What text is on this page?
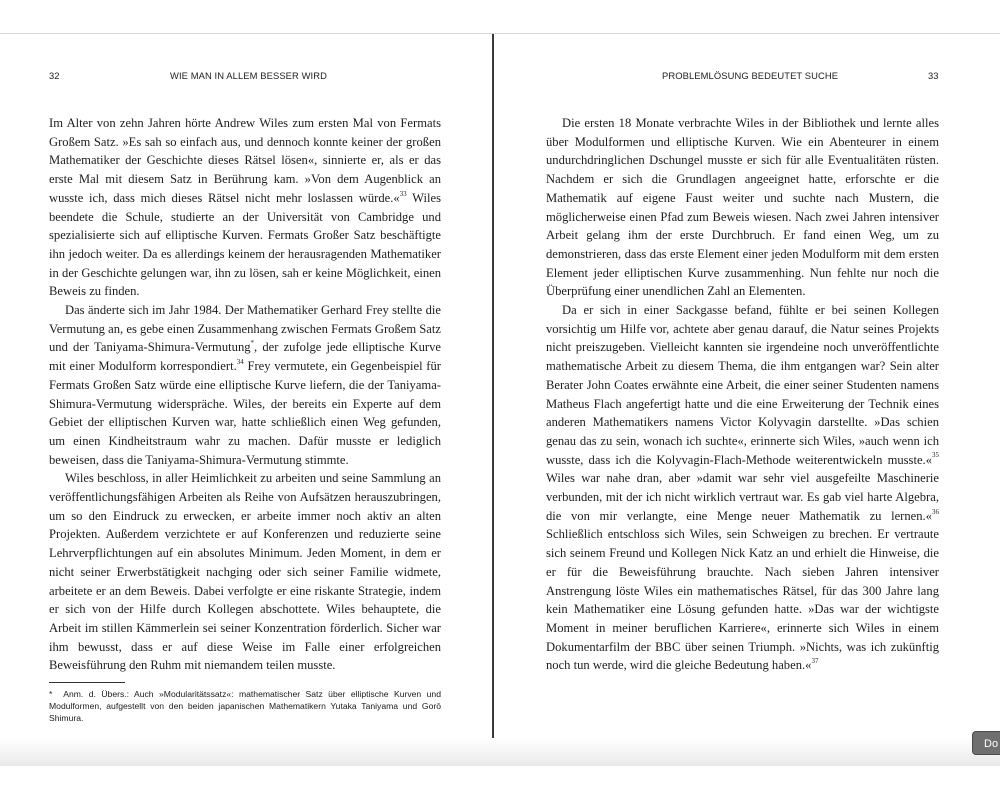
32	WIE MAN IN ALLEM BESSER WIRD

Im Alter von zehn Jahren hörte Andrew Wiles zum ersten Mal von Fermats Großem Satz. »Es sah so einfach aus, und dennoch konnte keiner der großen Mathematiker der Geschichte dieses Rätsel lösen«, sinnierte er, als er das erste Mal mit diesem Satz in Berührung kam. »Von dem Augenblick an wusste ich, dass mich dieses Rätsel nicht mehr loslassen würde.«$^{33}$ Wiles beendete die Schule, studierte an der Universität von Cambridge und spezialisierte sich auf elliptische Kurven. Fermats Großer Satz beschäftigte ihn jedoch weiter. Da es allerdings keinem der herausragenden Mathematiker in der Geschichte gelungen war, ihn zu lösen, sah er keine Möglichkeit, einen Beweis zu finden.

Das änderte sich im Jahr 1984. Der Mathematiker Gerhard Frey stellte die Vermutung an, es gebe einen Zusammenhang zwischen Fermats Großem Satz und der Taniyama-Shimura-Vermutung*, der zufolge jede elliptische Kurve mit einer Modulform korrespondiert.$^{34}$ Frey vermutete, ein Gegenbeispiel für Fermats Großen Satz würde eine elliptische Kurve liefern, die der Taniyama-Shimura-Vermutung widerspräche. Wiles, der bereits ein Experte auf dem Gebiet der elliptischen Kurven war, hatte schließlich einen Weg gefunden, um einen Kindheitstraum wahr zu machen. Dafür musste er lediglich beweisen, dass die Taniyama-Shimura-Vermutung stimmte.

Wiles beschloss, in aller Heimlichkeit zu arbeiten und seine Sammlung an veröffentlichungsfähigen Arbeiten als Reihe von Aufsätzen herauszubringen, um so den Eindruck zu erwecken, er arbeite immer noch aktiv an alten Projekten. Außerdem verzichtete er auf Konferenzen und reduzierte seine Lehrverpflichtungen auf ein absolutes Minimum. Jeden Moment, in dem er nicht seiner Erwerbstätigkeit nachging oder sich seiner Familie widmete, arbeitete er an dem Beweis. Dabei verfolgte er eine riskante Strategie, indem er sich von der Hilfe durch Kollegen abschottete. Wiles behauptete, die Arbeit im stillen Kämmerlein sei seiner Konzentration förderlich. Sicher war ihm bewusst, dass er auf diese Weise im Falle einer erfolgreichen Beweisführung den Ruhm mit niemandem teilen musste.

* Anm. d. Übers.: Auch »Modularitätssatz«: mathematischer Satz über elliptische Kurven und Modulformen, aufgestellt von den beiden japanischen Mathematikern Yutaka Taniyama und Gorō Shimura.
PROBLEMLÖSUNG BEDEUTET SUCHE	33

Die ersten 18 Monate verbrachte Wiles in der Bibliothek und lernte alles über Modulformen und elliptische Kurven. Wie ein Abenteurer in einem undurchdringlichen Dschungel musste er sich für alle Eventualitäten rüsten. Nachdem er sich die Grundlagen angeeignet hatte, erforschte er die Mathematik auf eigene Faust weiter und suchte nach Mustern, die möglicherweise einen Pfad zum Beweis wiesen. Nach zwei Jahren intensiver Arbeit gelang ihm der erste Durchbruch. Er fand einen Weg, um zu demonstrieren, dass das erste Element einer jeden Modulform mit dem ersten Element jeder elliptischen Kurve zusammenhing. Nun fehlte nur noch die Überprüfung einer unendlichen Zahl an Elementen.

Da er sich in einer Sackgasse befand, fühlte er bei seinen Kollegen vorsichtig um Hilfe vor, achtete aber genau darauf, die Natur seines Projekts nicht preiszugeben. Vielleicht kannten sie irgendeine noch unveröffentlichte mathematische Arbeit zu diesem Thema, die ihm entgangen war? Sein alter Berater John Coates erwähnte eine Arbeit, die einer seiner Studenten namens Matheus Flach angefertigt hatte und die eine Erweiterung der Technik eines anderen Mathematikers namens Victor Kolyvagin darstellte. »Das schien genau das zu sein, wonach ich suchte«, erinnerte sich Wiles, »auch wenn ich wusste, dass ich die Kolyvagin-Flach-Methode weiterentwickeln musste.«$^{35}$ Wiles war nahe dran, aber »damit war sehr viel ausgefeilte Maschinerie verbunden, mit der ich nicht wirklich vertraut war. Es gab viel harte Algebra, die von mir verlangte, eine Menge neuer Mathematik zu lernen.«$^{36}$ Schließlich entschloss sich Wiles, sein Schweigen zu brechen. Er vertraute sich seinem Freund und Kollegen Nick Katz an und erhielt die Hinweise, die er für die Beweisführung brauchte. Nach sieben Jahren intensiver Anstrengung löste Wiles ein mathematisches Rätsel, für das 300 Jahre lang kein Mathematiker eine Lösung gefunden hatte. »Das war der wichtigste Moment in meiner beruflichen Karriere«, erinnerte sich Wiles in einem Dokumentarfilm der BBC über seinen Triumph. »Nichts, was ich zukünftig noch tun werde, wird die gleiche Bedeutung haben.«$^{37}$

Do
